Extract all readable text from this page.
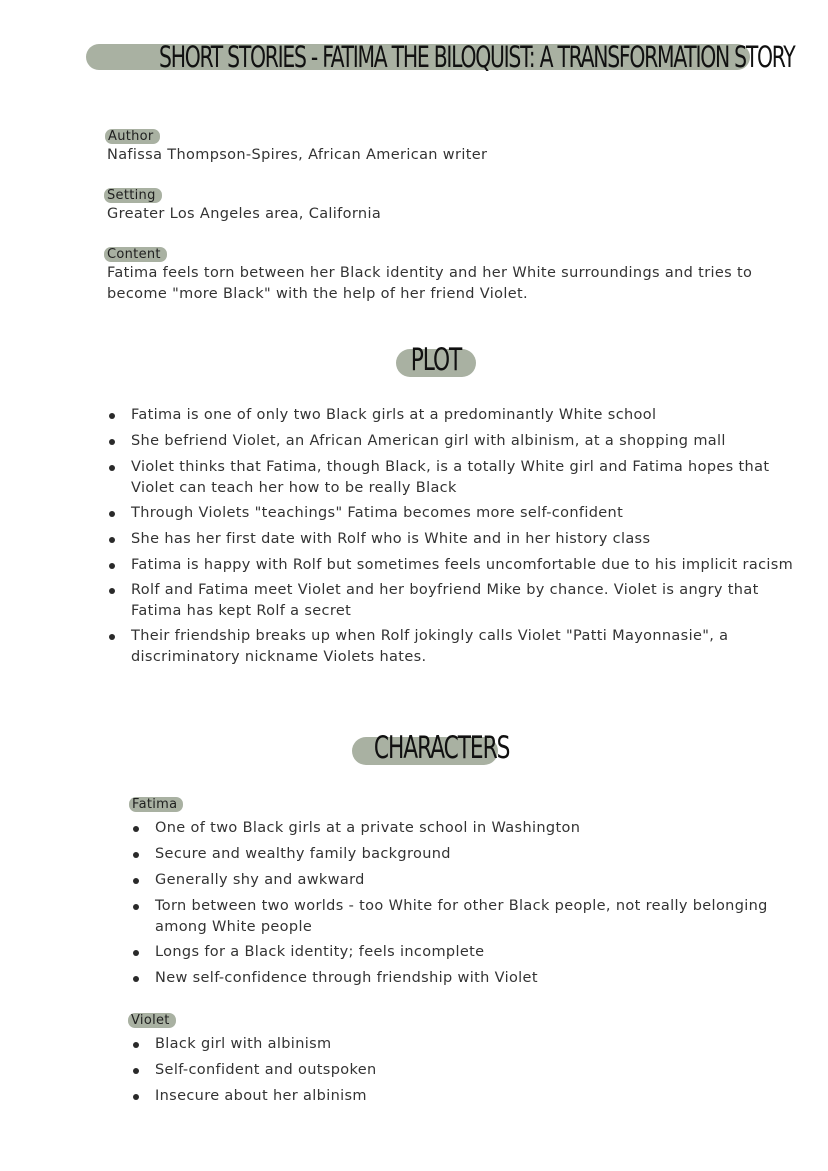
SHORT STORIES - FATIMA THE BILOQUIST: A TRANSFORMATION STORY
Author
Nafissa Thompson-Spires, African American writer
Setting
Greater Los Angeles area, California
Content
Fatima feels torn between her Black identity and her White surroundings and tries to become "more Black" with the help of her friend Violet.
PLOT
Fatima is one of only two Black girls at a predominantly White school
She befriend Violet, an African American girl with albinism, at a shopping mall
Violet thinks that Fatima, though Black, is a totally White girl and Fatima hopes that Violet can teach her how to be really Black
Through Violets "teachings" Fatima becomes more self-confident
She has her first date with Rolf who is White and in her history class
Fatima is happy with Rolf but sometimes feels uncomfortable due to his implicit racism
Rolf and Fatima meet Violet and her boyfriend Mike by chance. Violet is angry that Fatima has kept Rolf a secret
Their friendship breaks up when Rolf jokingly calls Violet "Patti Mayonnasie", a discriminatory nickname Violets hates.
CHARACTERS
Fatima
One of two Black girls at a private school in Washington
Secure and wealthy family background
Generally shy and awkward
Torn between two worlds - too White for other Black people, not really belonging among White people
Longs for a Black identity; feels incomplete
New self-confidence through friendship with Violet
Violet
Black girl with albinism
Self-confident and outspoken
Insecure about her albinism
